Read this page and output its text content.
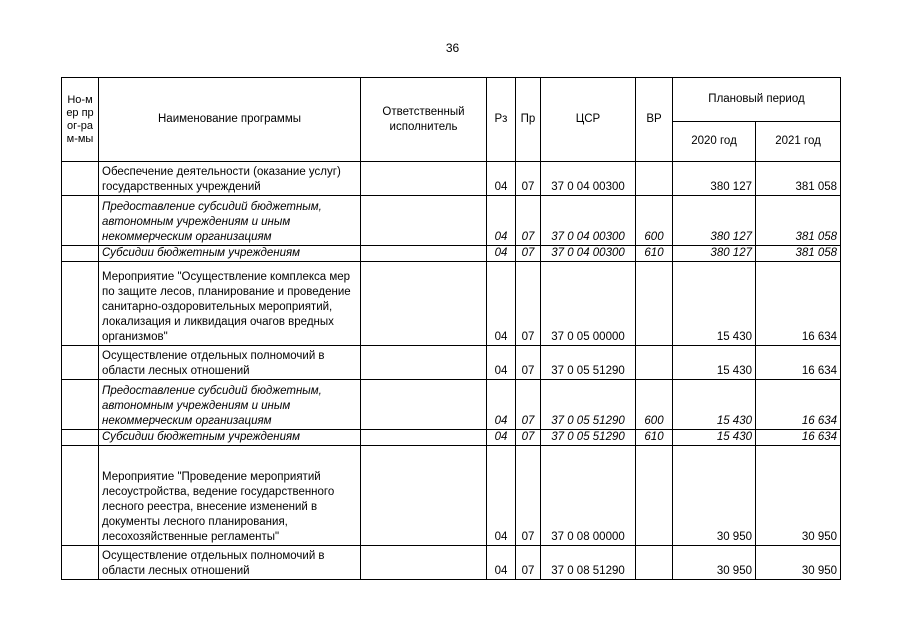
36
Но-мер прог-рам-мы	Наименование программы	Ответственный исполнитель	Рз	Пр	ЦСР	ВР	Плановый период	
							2020 год	2021 год
	Обеспечение деятельности (оказание услуг) государственных учреждений		04	07	37 0 04 00300		380 127	381 058
	Предоставление субсидий бюджетным, автономным учреждениям и иным некоммерческим организациям		04	07	37 0 04 00300	600	380 127	381 058
	Субсидии бюджетным учреждениям		04	07	37 0 04 00300	610	380 127	381 058
	Мероприятие "Осуществление комплекса мер по защите лесов, планирование и проведение санитарно-оздоровительных мероприятий, локализация и ликвидация очагов вредных организмов"		04	07	37 0 05 00000		15 430	16 634
	Осуществление отдельных полномочий в области лесных отношений		04	07	37 0 05 51290		15 430	16 634
	Предоставление субсидий бюджетным, автономным учреждениям и иным некоммерческим организациям		04	07	37 0 05 51290	600	15 430	16 634
	Субсидии бюджетным учреждениям		04	07	37 0 05 51290	610	15 430	16 634
	Мероприятие "Проведение мероприятий лесоустройства, ведение государственного лесного реестра, внесение изменений в документы лесного планирования, лесохозяйственные регламенты"		04	07	37 0 08 00000		30 950	30 950
	Осуществление отдельных полномочий в области лесных отношений		04	07	37 0 08 51290		30 950	30 950
